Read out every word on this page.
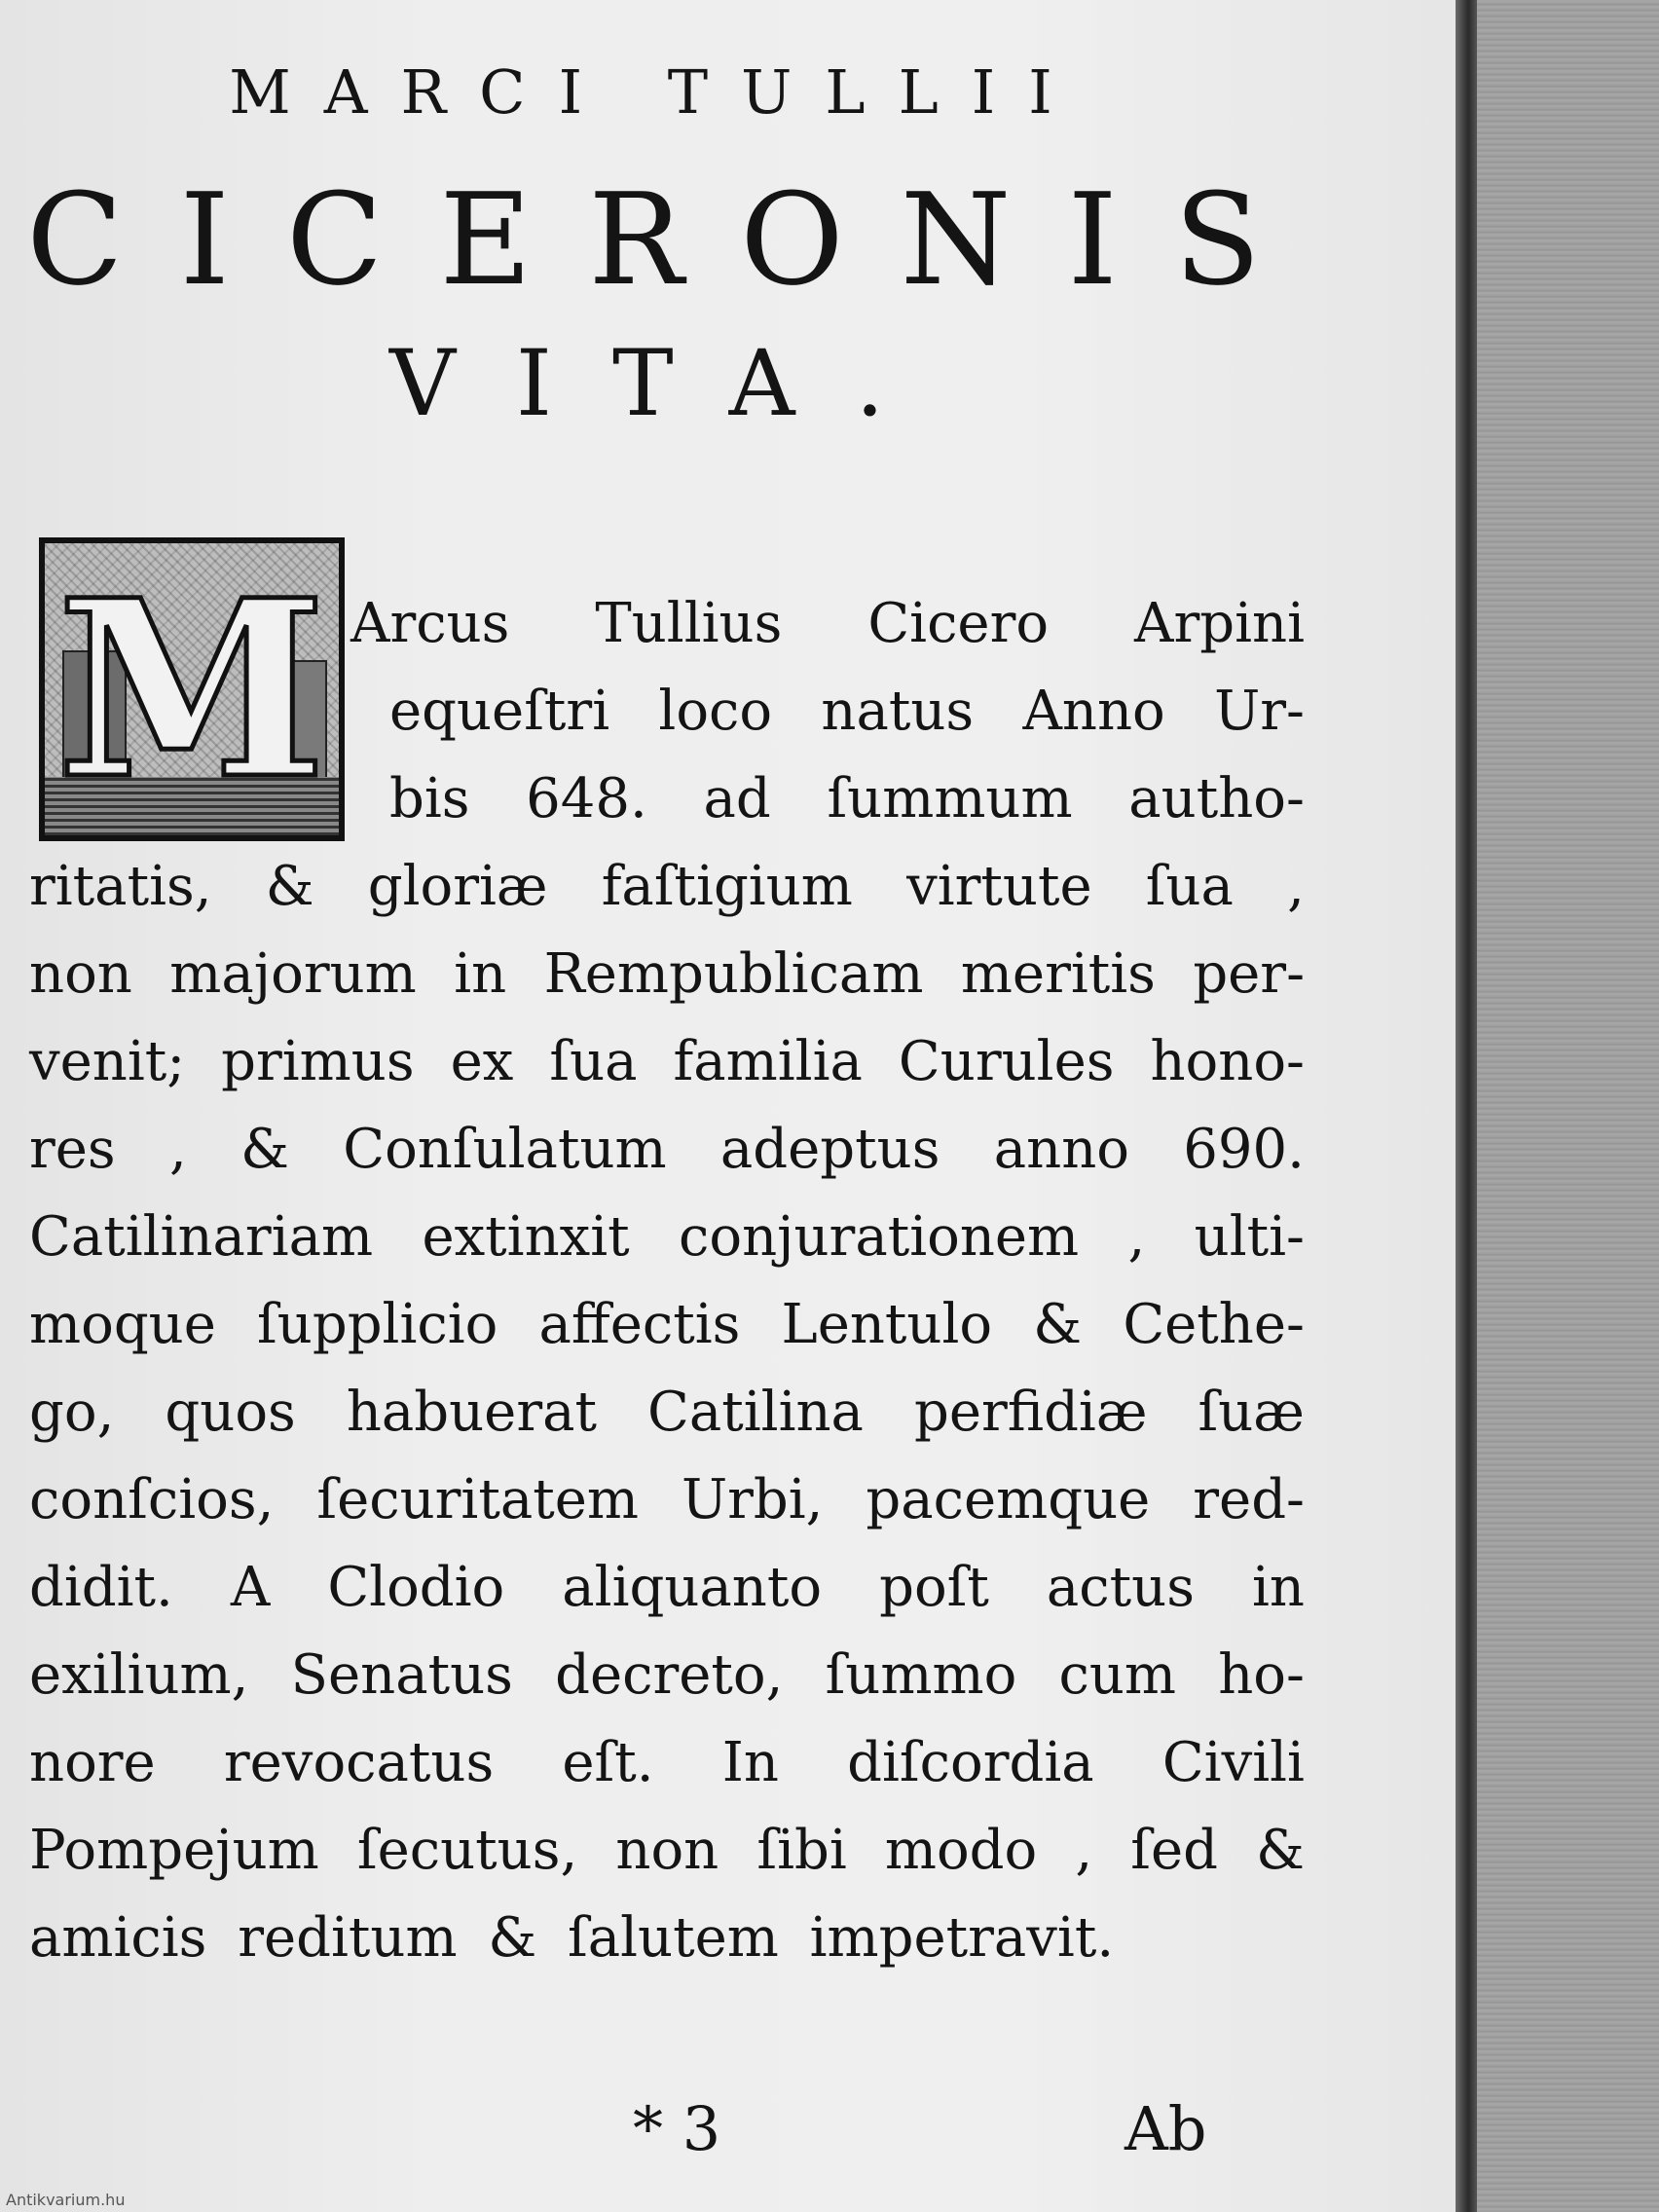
MARCI TULLII
CICERONIS
VITA.
M Arcus Tullius Cicero Arpini
equeſtri loco natus Anno Ur-
bis 648. ad ſummum autho-
ritatis, & gloriæ faſtigium virtute ſua ,
non majorum in Rempublicam meritis per-
venit; primus ex ſua familia Curules hono-
res , & Conſulatum adeptus anno 690.
Catilinariam extinxit conjurationem , ulti-
moque ſupplicio affectis Lentulo & Cethe-
go, quos habuerat Catilina perfidiæ ſuæ
conſcios, ſecuritatem Urbi, pacemque red-
didit. A Clodio aliquanto poſt actus in
exilium, Senatus decreto, ſummo cum ho-
nore revocatus eſt. In diſcordia Civili
Pompejum ſecutus, non ſibi modo , ſed &
amicis reditum & ſalutem impetravit.
* 3	Ab
Antikvarium.hu
